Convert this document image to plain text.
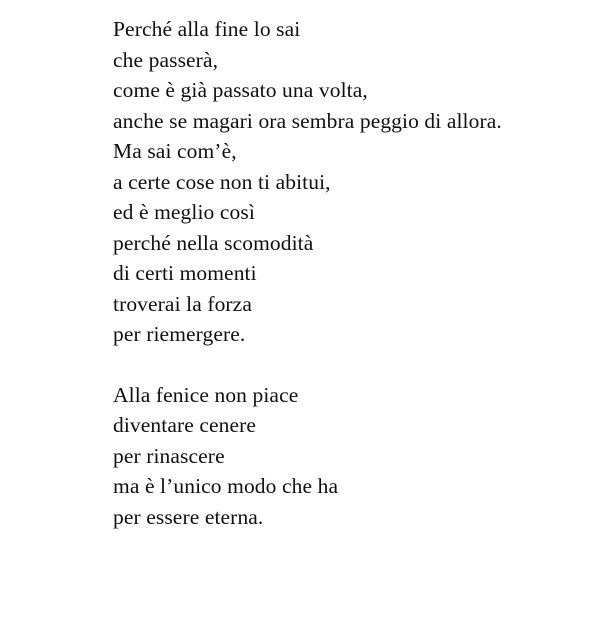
Perché alla fine lo sai
che passerà,
come è già passato una volta,
anche se magari ora sembra peggio di allora.
Ma sai com’è,
a certe cose non ti abitui,
ed è meglio così
perché nella scomodità
di certi momenti
troverai la forza
per riemergere.
Alla fenice non piace
diventare cenere
per rinascere
ma è l’unico modo che ha
per essere eterna.
